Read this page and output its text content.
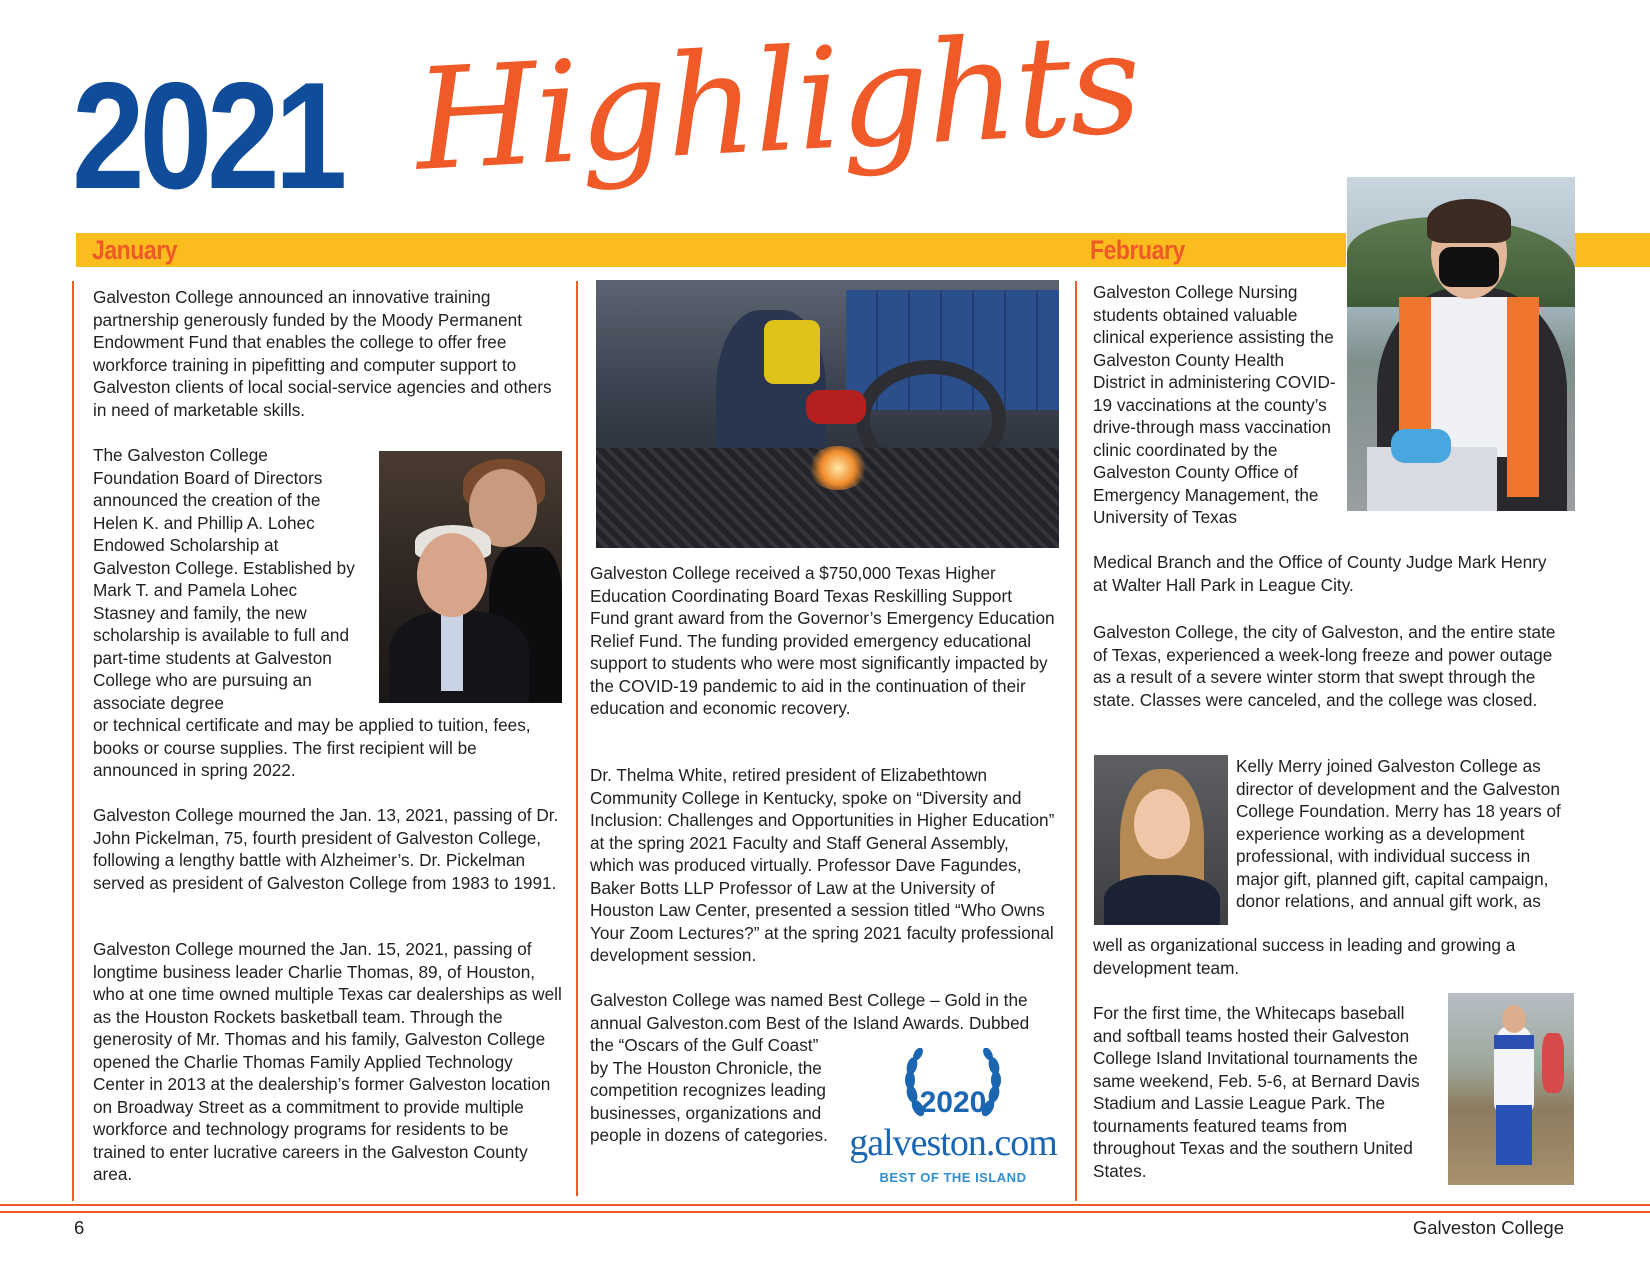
2021 Highlights
January	February

Galveston College announced an innovative training partnership generously funded by the Moody Permanent Endowment Fund that enables the college to offer free workforce training in pipefitting and computer support to Galveston clients of local social-service agencies and others in need of marketable skills.

The Galveston College Foundation Board of Directors announced the creation of the Helen K. and Phillip A. Lohec Endowed Scholarship at Galveston College. Established by Mark T. and Pamela Lohec Stasney and family, the new scholarship is available to full and part-time students at Galveston College who are pursuing an associate degree

or technical certificate and may be applied to tuition, fees, books or course supplies. The first recipient will be announced in spring 2022.

Galveston College mourned the Jan. 13, 2021, passing of Dr. John Pickelman, 75, fourth president of Galveston College, following a lengthy battle with Alzheimer’s. Dr. Pickelman served as president of Galveston College from 1983 to 1991.

Galveston College mourned the Jan. 15, 2021, passing of longtime business leader Charlie Thomas, 89, of Houston, who at one time owned multiple Texas car dealerships as well as the Houston Rockets basketball team. Through the generosity of Mr. Thomas and his family, Galveston College opened the Charlie Thomas Family Applied Technology Center in 2013 at the dealership’s former Galveston location on Broadway Street as a commitment to provide multiple workforce and technology programs for residents to be trained to enter lucrative careers in the Galveston County area.

Galveston College received a $750,000 Texas Higher Education Coordinating Board Texas Reskilling Support Fund grant award from the Governor’s Emergency Education Relief Fund. The funding provided emergency educational support to students who were most significantly impacted by the COVID-19 pandemic to aid in the continuation of their education and economic recovery.

Dr. Thelma White, retired president of Elizabethtown Community College in Kentucky, spoke on “Diversity and Inclusion: Challenges and Opportunities in Higher Education” at the spring 2021 Faculty and Staff General Assembly, which was produced virtually. Professor Dave Fagundes, Baker Botts LLP Professor of Law at the University of Houston Law Center, presented a session titled “Who Owns Your Zoom Lectures?” at the spring 2021 faculty professional development session.

Galveston College was named Best College – Gold in the annual Galveston.com Best of the Island Awards. Dubbed

the “Oscars of the Gulf Coast” by The Houston Chronicle, the competition recognizes leading businesses, organizations and people in dozens of categories.

2020
galveston.com
BEST OF THE ISLAND

Galveston College Nursing students obtained valuable clinical experience assisting the Galveston County Health District in administering COVID-19 vaccinations at the county’s drive-through mass vaccination clinic coordinated by the Galveston County Office of Emergency Management, the University of Texas

Medical Branch and the Office of County Judge Mark Henry at Walter Hall Park in League City.

Galveston College, the city of Galveston, and the entire state of Texas, experienced a week-long freeze and power outage as a result of a severe winter storm that swept through the state. Classes were canceled, and the college was closed.

Kelly Merry joined Galveston College as director of development and the Galveston College Foundation. Merry has 18 years of experience working as a development professional, with individual success in major gift, planned gift, capital campaign, donor relations, and annual gift work, as

well as organizational success in leading and growing a development team.

For the first time, the Whitecaps baseball and softball teams hosted their Galveston College Island Invitational tournaments the same weekend, Feb. 5-6, at Bernard Davis Stadium and Lassie League Park. The tournaments featured teams from throughout Texas and the southern United States.

6	Galveston College
